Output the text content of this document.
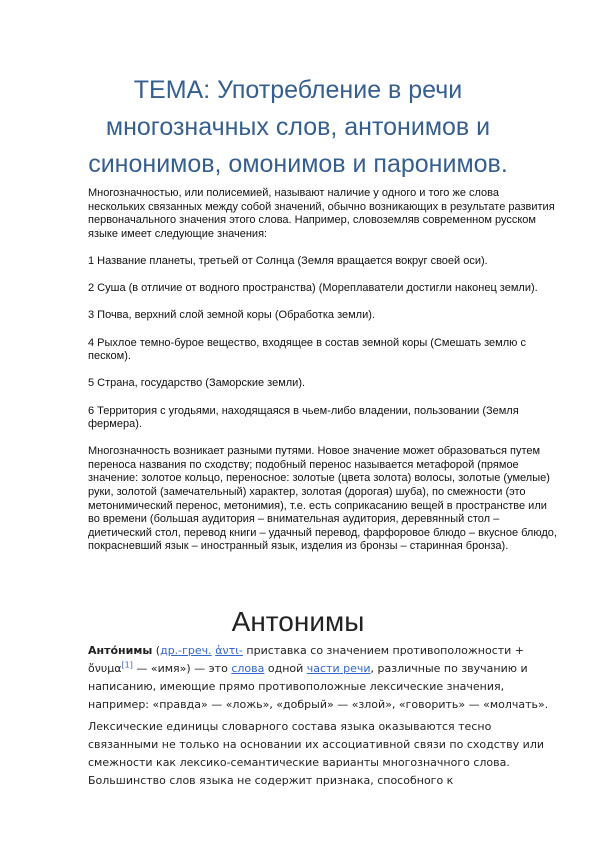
ТЕМА: Употребление в речи многозначных слов, антонимов и синонимов, омонимов и паронимов.

Многозначностью, или полисемией, называют наличие у одного и того же слова нескольких связанных между собой значений, обычно возникающих в результате развития первоначального значения этого слова. Например, словоземляв современном русском языке имеет следующие значения:

1 Название планеты, третьей от Солнца (Земля вращается вокруг своей оси).

2 Суша (в отличие от водного пространства) (Мореплаватели достигли наконец земли).

3 Почва, верхний слой земной коры (Обработка земли).

4 Рыхлое темно-бурое вещество, входящее в состав земной коры (Смешать землю с песком).

5 Страна, государство (Заморские земли).

6 Территория с угодьями, находящаяся в чьем-либо владении, пользовании (Земля фермера).

Многозначность возникает разными путями. Новое значение может образоваться путем переноса названия по сходству; подобный перенос называется метафорой (прямое значение: золотое кольцо, переносное: золотые (цвета золота) волосы, золотые (умелые) руки, золотой (замечательный) характер, золотая (дорогая) шуба), по смежности (это метонимический перенос, метонимия), т.е. есть соприкасанию вещей в пространстве или во времени (большая аудитория – внимательная аудитория, деревянный стол – диетический стол, перевод книги – удачный перевод, фарфоровое блюдо – вкусное блюдо, покрасневший язык – иностранный язык, изделия из бронзы – старинная бронза).

Антонимы

Анто́нимы (др.-греч. ἀντι- приставка со значением противоположности + ὄνυμα[1] — «имя») — это слова одной части речи, различные по звучанию и написанию, имеющие прямо противоположные лексические значения, например: «правда» — «ложь», «добрый» — «злой», «говорить» — «молчать».

Лексические единицы словарного состава языка оказываются тесно связанными не только на основании их ассоциативной связи по сходству или смежности как лексико-семантические варианты многозначного слова. Большинство слов языка не содержит признака, способного к
